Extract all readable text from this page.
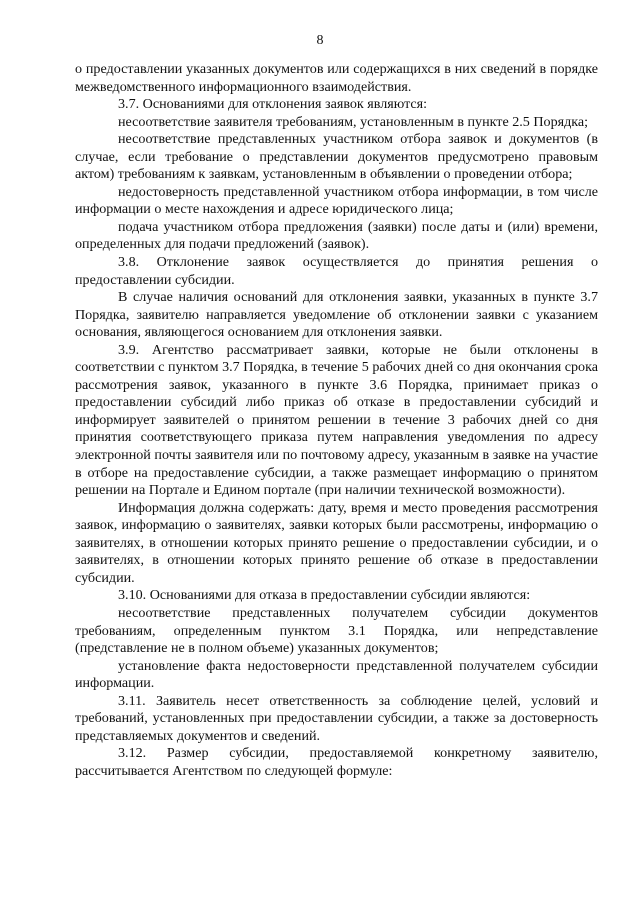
8

о предоставлении указанных документов или содержащихся в них сведений в порядке межведомственного информационного взаимодействия.

3.7. Основаниями для отклонения заявок являются:

несоответствие заявителя требованиям, установленным в пункте 2.5 Порядка;

несоответствие представленных участником отбора заявок и документов (в случае, если требование о представлении документов предусмотрено правовым актом) требованиям к заявкам, установленным в объявлении о проведении отбора;

недостоверность представленной участником отбора информации, в том числе информации о месте нахождения и адресе юридического лица;

подача участником отбора предложения (заявки) после даты и (или) времени, определенных для подачи предложений (заявок).

3.8. Отклонение заявок осуществляется до принятия решения о предоставлении субсидии.

В случае наличия оснований для отклонения заявки, указанных в пункте 3.7 Порядка, заявителю направляется уведомление об отклонении заявки с указанием основания, являющегося основанием для отклонения заявки.

3.9. Агентство рассматривает заявки, которые не были отклонены в соответствии с пунктом 3.7 Порядка, в течение 5 рабочих дней со дня окончания срока рассмотрения заявок, указанного в пункте 3.6 Порядка, принимает приказ о предоставлении субсидий либо приказ об отказе в предоставлении субсидий и информирует заявителей о принятом решении в течение 3 рабочих дней со дня принятия соответствующего приказа путем направления уведомления по адресу электронной почты заявителя или по почтовому адресу, указанным в заявке на участие в отборе на предоставление субсидии, а также размещает информацию о принятом решении на Портале и Едином портале (при наличии технической возможности).

Информация должна содержать: дату, время и место проведения рассмотрения заявок, информацию о заявителях, заявки которых были рассмотрены, информацию о заявителях, в отношении которых принято решение о предоставлении субсидии, и о заявителях, в отношении которых принято решение об отказе в предоставлении субсидии.

3.10. Основаниями для отказа в предоставлении субсидии являются:

несоответствие представленных получателем субсидии документов требованиям, определенным пунктом 3.1 Порядка, или непредставление (представление не в полном объеме) указанных документов;

установление факта недостоверности представленной получателем субсидии информации.

3.11. Заявитель несет ответственность за соблюдение целей, условий и требований, установленных при предоставлении субсидии, а также за достоверность представляемых документов и сведений.

3.12. Размер субсидии, предоставляемой конкретному заявителю, рассчитывается Агентством по следующей формуле:
